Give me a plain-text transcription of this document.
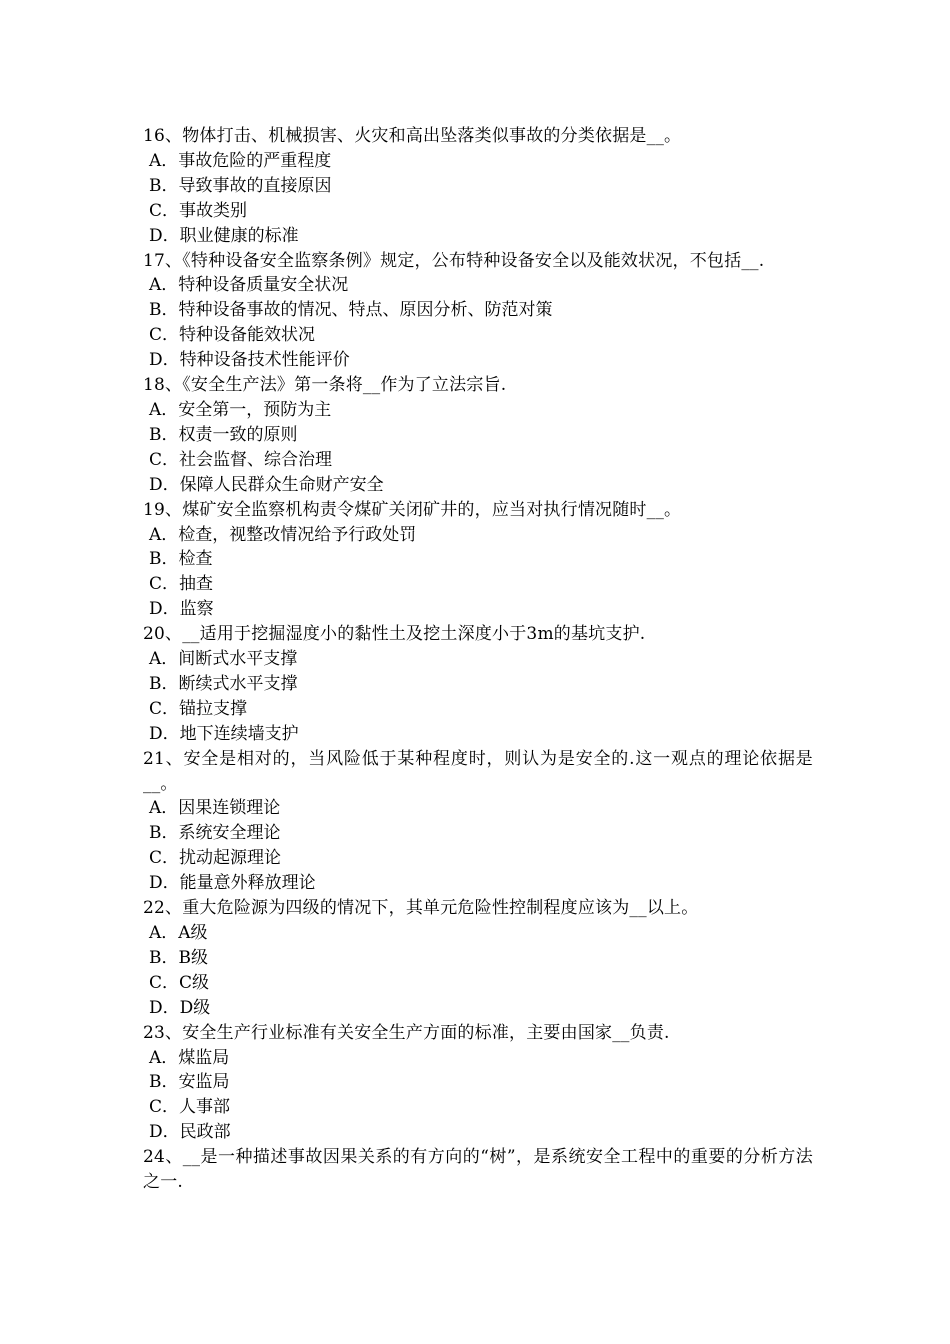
16、物体打击、机械损害、火灾和高出坠落类似事故的分类依据是__。

A．事故危险的严重程度

B．导致事故的直接原因

C．事故类别

D．职业健康的标准

17、《特种设备安全监察条例》规定，公布特种设备安全以及能效状况，不包括__.

A．特种设备质量安全状况

B．特种设备事故的情况、特点、原因分析、防范对策

C．特种设备能效状况

D．特种设备技术性能评价

18、《安全生产法》第一条将__作为了立法宗旨.

A．安全第一，预防为主

B．权责一致的原则

C．社会监督、综合治理

D．保障人民群众生命财产安全

19、煤矿安全监察机构责令煤矿关闭矿井的，应当对执行情况随时__。

A．检查，视整改情况给予行政处罚

B．检查

C．抽查

D．监察

20、__适用于挖掘湿度小的黏性土及挖土深度小于3m的基坑支护.

A．间断式水平支撑

B．断续式水平支撑

C．锚拉支撑

D．地下连续墙支护

21、安全是相对的，当风险低于某种程度时，则认为是安全的.这一观点的理论依据是__。

A．因果连锁理论

B．系统安全理论

C．扰动起源理论

D．能量意外释放理论

22、重大危险源为四级的情况下，其单元危险性控制程度应该为__以上。

A．A级

B．B级

C．C级

D．D级

23、安全生产行业标准有关安全生产方面的标准，主要由国家__负责.

A．煤监局

B．安监局

C．人事部

D．民政部

24、__是一种描述事故因果关系的有方向的“树”，是系统安全工程中的重要的分析方法之一.
